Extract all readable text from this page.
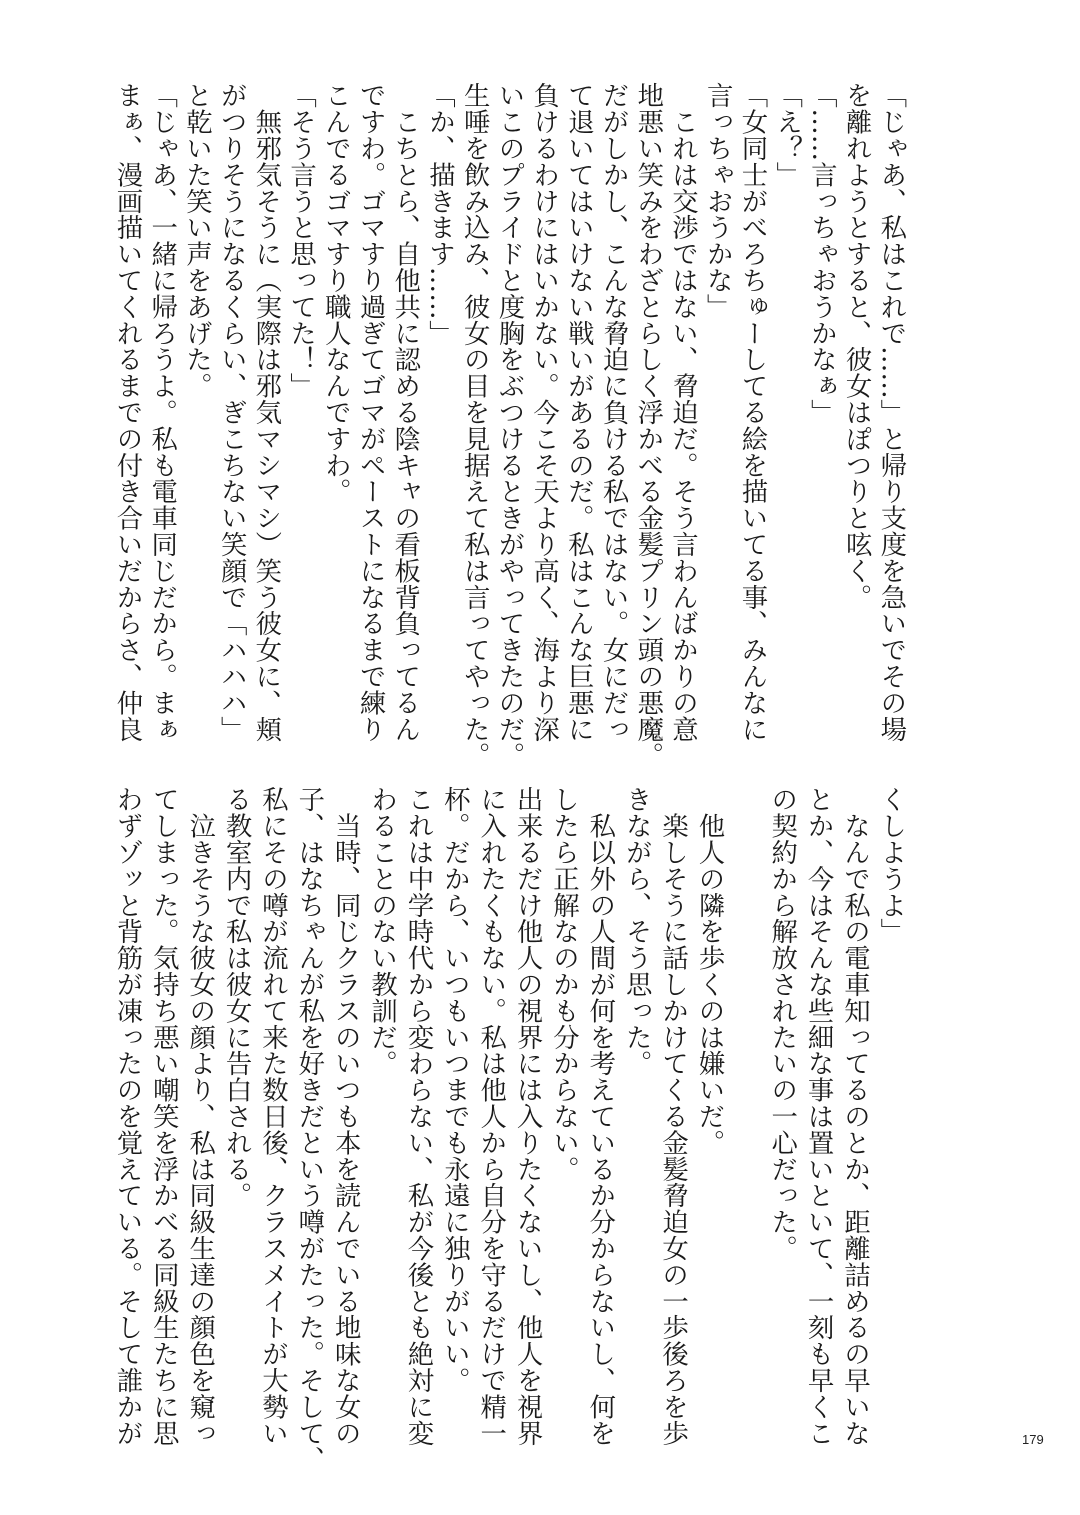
「じゃあ、私はこれで……」と帰り支度を急いでその場
を離れようとすると、彼女はぽつりと呟く。
「……言っちゃおうかなぁ」
「え？」
「女同士がべろちゅーしてる絵を描いてる事、みんなに
言っちゃおうかな」
　これは交渉ではない、脅迫だ。そう言わんばかりの意
地悪い笑みをわざとらしく浮かべる金髪プリン頭の悪魔。
だがしかし、こんな脅迫に負ける私ではない。女にだっ
て退いてはいけない戦いがあるのだ。私はこんな巨悪に
負けるわけにはいかない。今こそ天より高く、海より深
いこのプライドと度胸をぶつけるときがやってきたのだ。
生唾を飲み込み、彼女の目を見据えて私は言ってやった。
「か、描きます……」
　こちとら、自他共に認める陰キャの看板背負ってるん
ですわ。ゴマすり過ぎてゴマがペーストになるまで練り
こんでるゴマすり職人なんですわ。
「そう言うと思ってた！」
　無邪気そうに（実際は邪気マシマシ）笑う彼女に、頬
がつりそうになるくらい、ぎこちない笑顔で「ハハハ」
と乾いた笑い声をあげた。
「じゃあ、一緒に帰ろうよ。私も電車同じだから。まぁ
まぁ、漫画描いてくれるまでの付き合いだからさ、仲良
くしようよ」
　なんで私の電車知ってるのとか、距離詰めるの早いな
とか、今はそんな些細な事は置いといて、一刻も早くこ
の契約から解放されたいの一心だった。
　他人の隣を歩くのは嫌いだ。
　楽しそうに話しかけてくる金髪脅迫女の一歩後ろを歩
きながら、そう思った。
　私以外の人間が何を考えているか分からないし、何を
したら正解なのかも分からない。
出来るだけ他人の視界には入りたくないし、他人を視界
に入れたくもない。私は他人から自分を守るだけで精一
杯。だから、いつもいつまでも永遠に独りがいい。
これは中学時代から変わらない、私が今後とも絶対に変
わることのない教訓だ。
　当時、同じクラスのいつも本を読んでいる地味な女の
子、はなちゃんが私を好きだという噂がたった。そして、
私にその噂が流れて来た数日後、クラスメイトが大勢い
る教室内で私は彼女に告白される。
　泣きそうな彼女の顔より、私は同級生達の顔色を窺っ
てしまった。気持ち悪い嘲笑を浮かべる同級生たちに思
わずゾッと背筋が凍ったのを覚えている。そして誰かが	179
